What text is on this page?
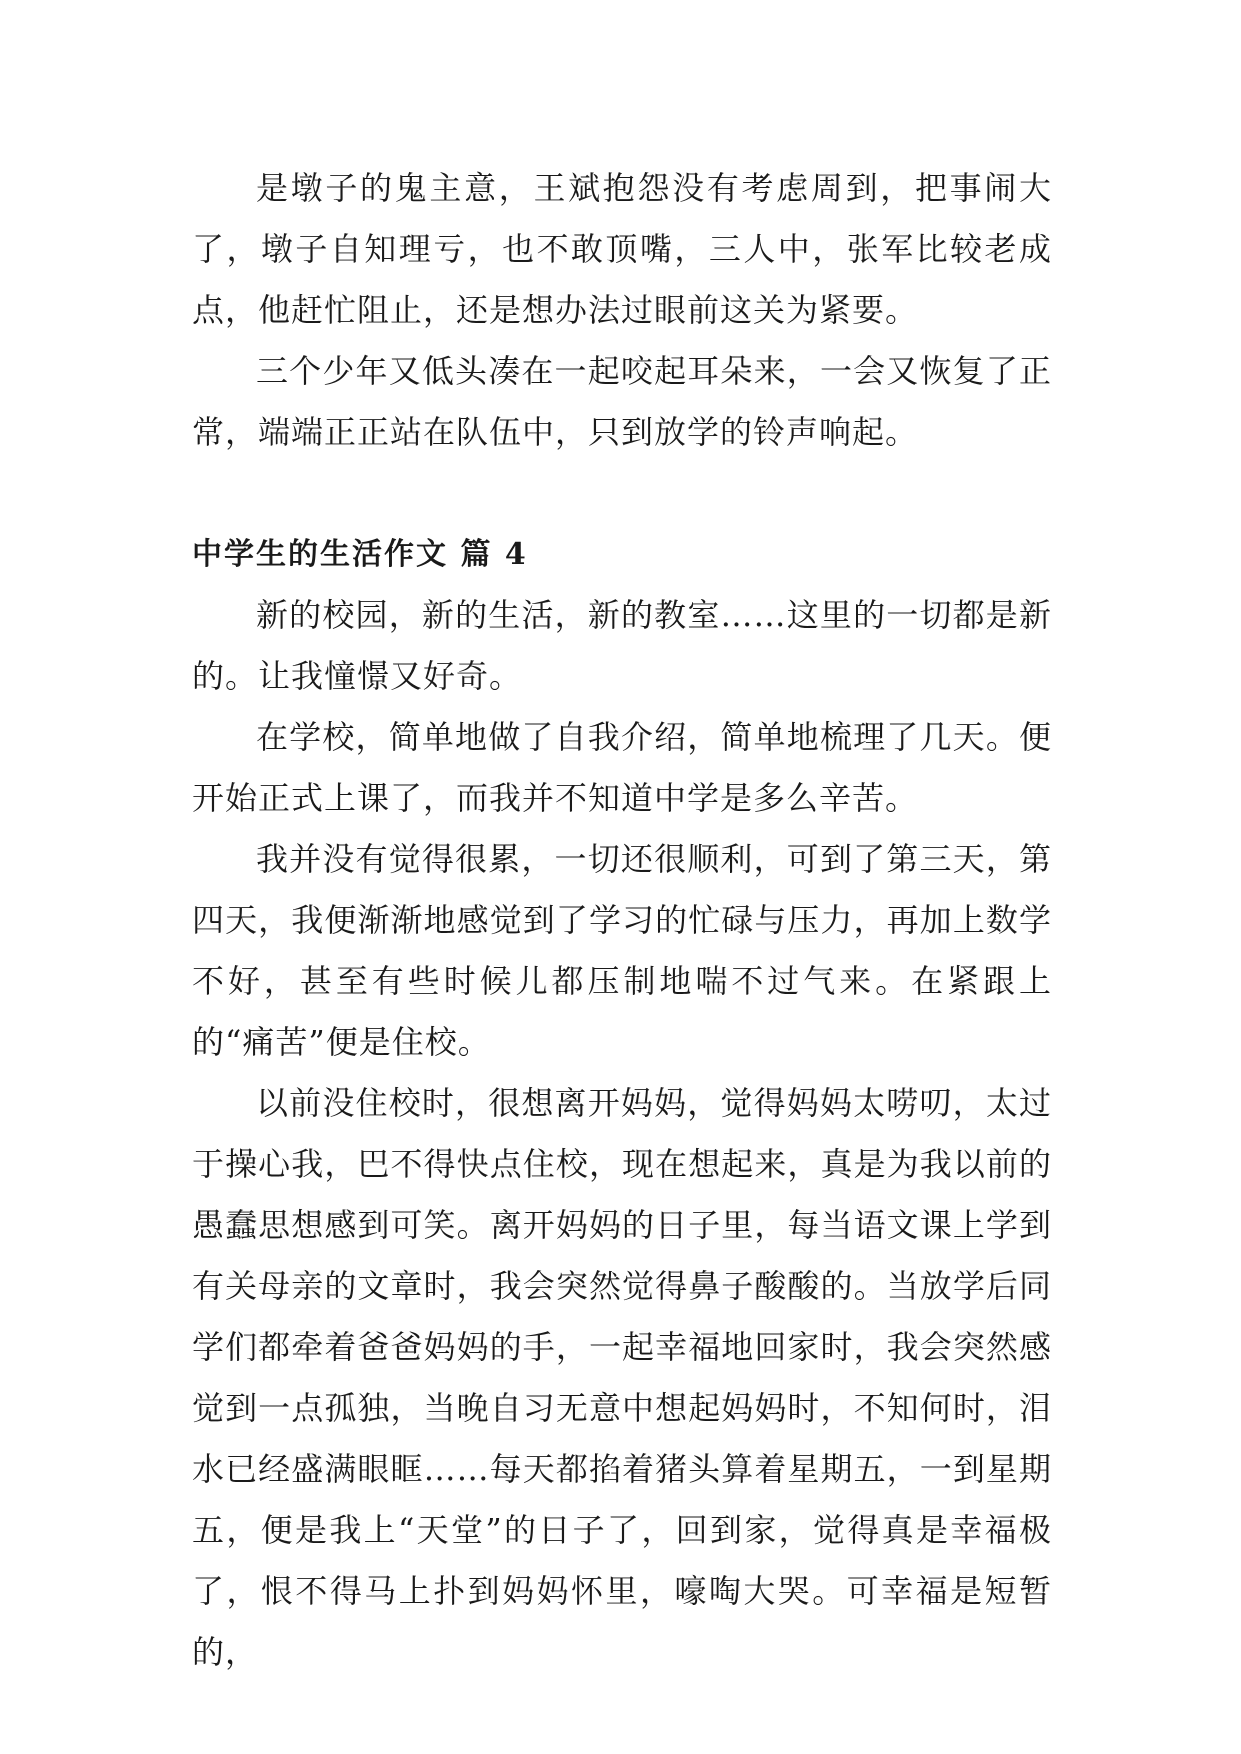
是墩子的鬼主意，王斌抱怨没有考虑周到，把事闹大了，墩子自知理亏，也不敢顶嘴，三人中，张军比较老成点，他赶忙阻止，还是想办法过眼前这关为紧要。

三个少年又低头凑在一起咬起耳朵来，一会又恢复了正常，端端正正站在队伍中，只到放学的铃声响起。

中学生的生活作文 篇 4

新的校园，新的生活，新的教室……这里的一切都是新的。让我憧憬又好奇。

在学校，简单地做了自我介绍，简单地梳理了几天。便开始正式上课了，而我并不知道中学是多么辛苦。

我并没有觉得很累，一切还很顺利，可到了第三天，第四天，我便渐渐地感觉到了学习的忙碌与压力，再加上数学不好，甚至有些时候儿都压制地喘不过气来。在紧跟上的“痛苦”便是住校。

以前没住校时，很想离开妈妈，觉得妈妈太唠叨，太过于操心我，巴不得快点住校，现在想起来，真是为我以前的愚蠢思想感到可笑。离开妈妈的日子里，每当语文课上学到有关母亲的文章时，我会突然觉得鼻子酸酸的。当放学后同学们都牵着爸爸妈妈的手，一起幸福地回家时，我会突然感觉到一点孤独，当晚自习无意中想起妈妈时，不知何时，泪水已经盛满眼眶……每天都掐着猪头算着星期五，一到星期五，便是我上“天堂”的日子了，回到家，觉得真是幸福极了，恨不得马上扑到妈妈怀里，嚎啕大哭。可幸福是短暂的，
